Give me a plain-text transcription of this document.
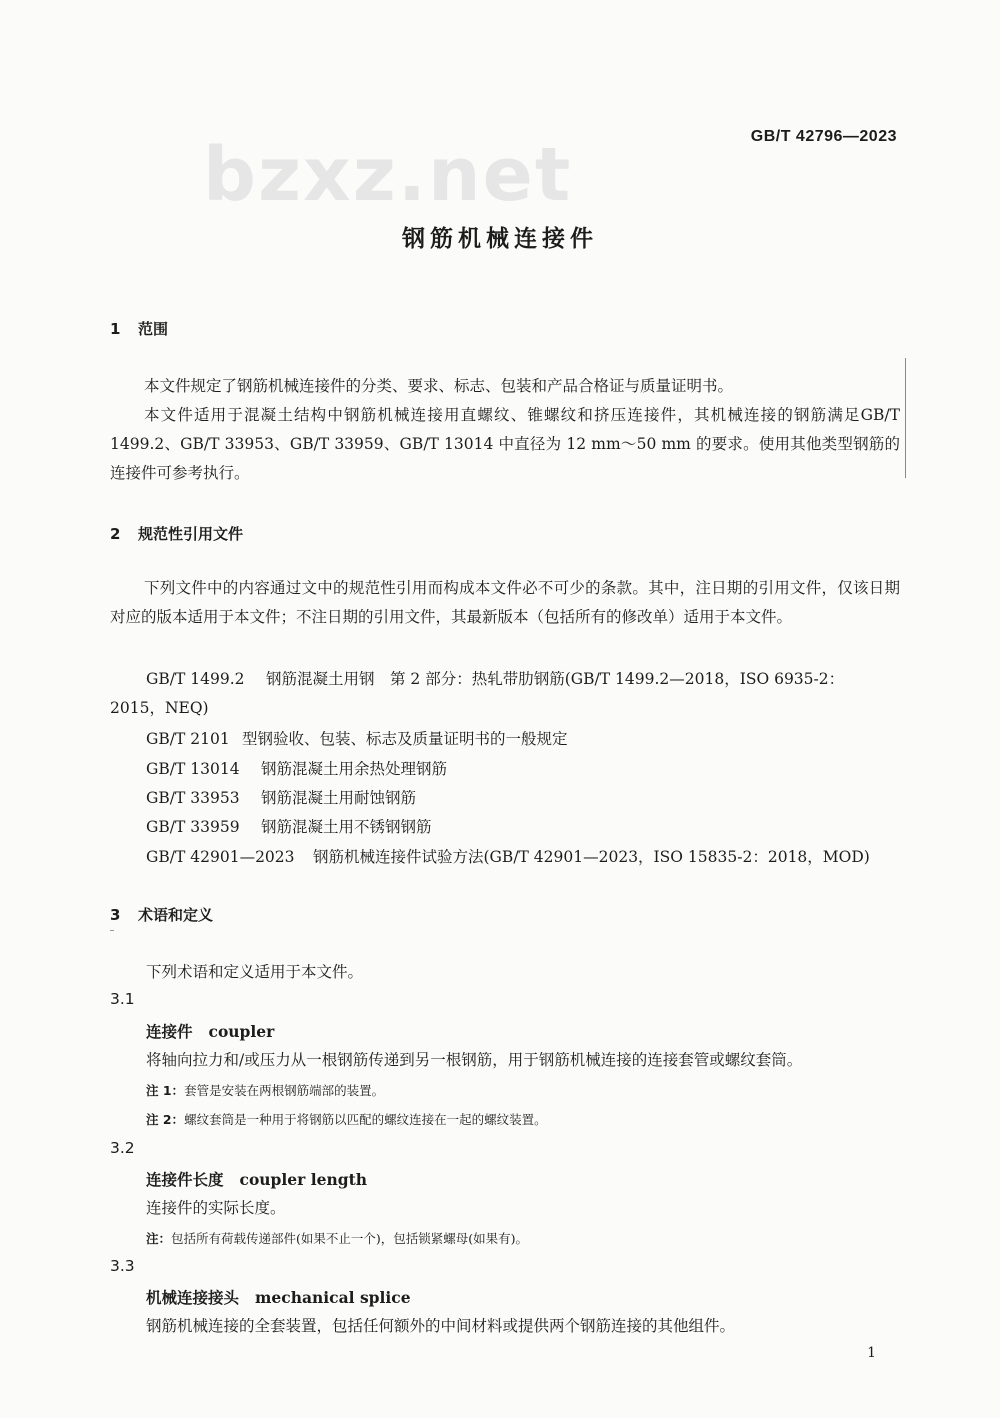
bzxz.net	GB/T 42796—2023
钢筋机械连接件
1 范围
本文件规定了钢筋机械连接件的分类、要求、标志、包装和产品合格证与质量证明书。
本文件适用于混凝土结构中钢筋机械连接用直螺纹、锥螺纹和挤压连接件，其机械连接的钢筋满足GB/T 1499.2、GB/T 33953、GB/T 33959、GB/T 13014 中直径为 12 mm～50 mm 的要求。使用其他类型钢筋的连接件可参考执行。
2 规范性引用文件
下列文件中的内容通过文中的规范性引用而构成本文件必不可少的条款。其中，注日期的引用文件，仅该日期对应的版本适用于本文件；不注日期的引用文件，其最新版本（包括所有的修改单）适用于本文件。
GB/T 1499.2 钢筋混凝土用钢　第 2 部分：热轧带肋钢筋(GB/T 1499.2—2018，ISO 6935-2：
2015，NEQ)
GB/T 2101 型钢验收、包装、标志及质量证明书的一般规定
GB/T 13014 钢筋混凝土用余热处理钢筋
GB/T 33953 钢筋混凝土用耐蚀钢筋
GB/T 33959 钢筋混凝土用不锈钢钢筋
GB/T 42901—2023 钢筋机械连接件试验方法(GB/T 42901—2023，ISO 15835-2：2018，MOD)
3 术语和定义
下列术语和定义适用于本文件。
3.1
连接件 coupler
将轴向拉力和/或压力从一根钢筋传递到另一根钢筋，用于钢筋机械连接的连接套管或螺纹套筒。
注 1：套管是安装在两根钢筋端部的装置。
注 2：螺纹套筒是一种用于将钢筋以匹配的螺纹连接在一起的螺纹装置。
3.2
连接件长度 coupler length
连接件的实际长度。
注：包括所有荷载传递部件(如果不止一个)，包括锁紧螺母(如果有)。
3.3
机械连接接头 mechanical splice
钢筋机械连接的全套装置，包括任何额外的中间材料或提供两个钢筋连接的其他组件。
1
